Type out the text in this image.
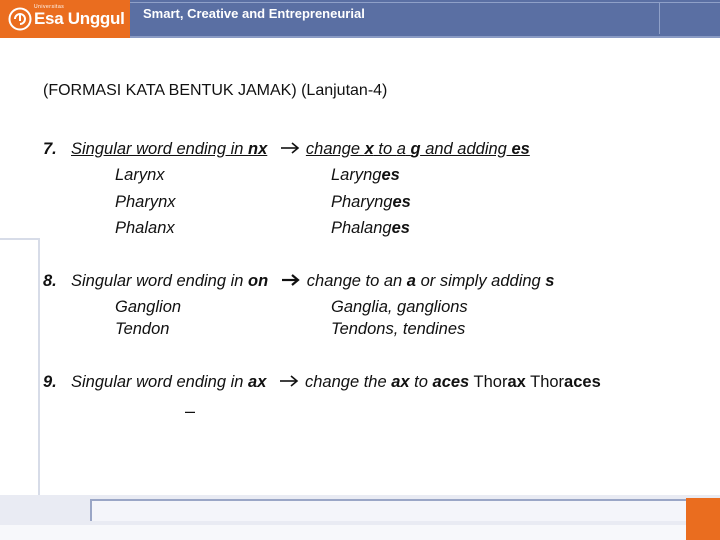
Universitas
Esa Unggul Smart, Creative and Entrepreneurial
(FORMASI KATA BENTUK JAMAK) (Lanjutan-4)
7. Singular word ending in nx change x to a g and adding es
Larynx	Larynges
Pharynx	Pharynges
Phalanx	Phalanges
8. Singular word ending in on change to an a or simply adding s
Ganglion	Ganglia, ganglions
Tendon	Tendons, tendines
9. Singular word ending in ax change the ax to aces Thorax Thoraces
–
